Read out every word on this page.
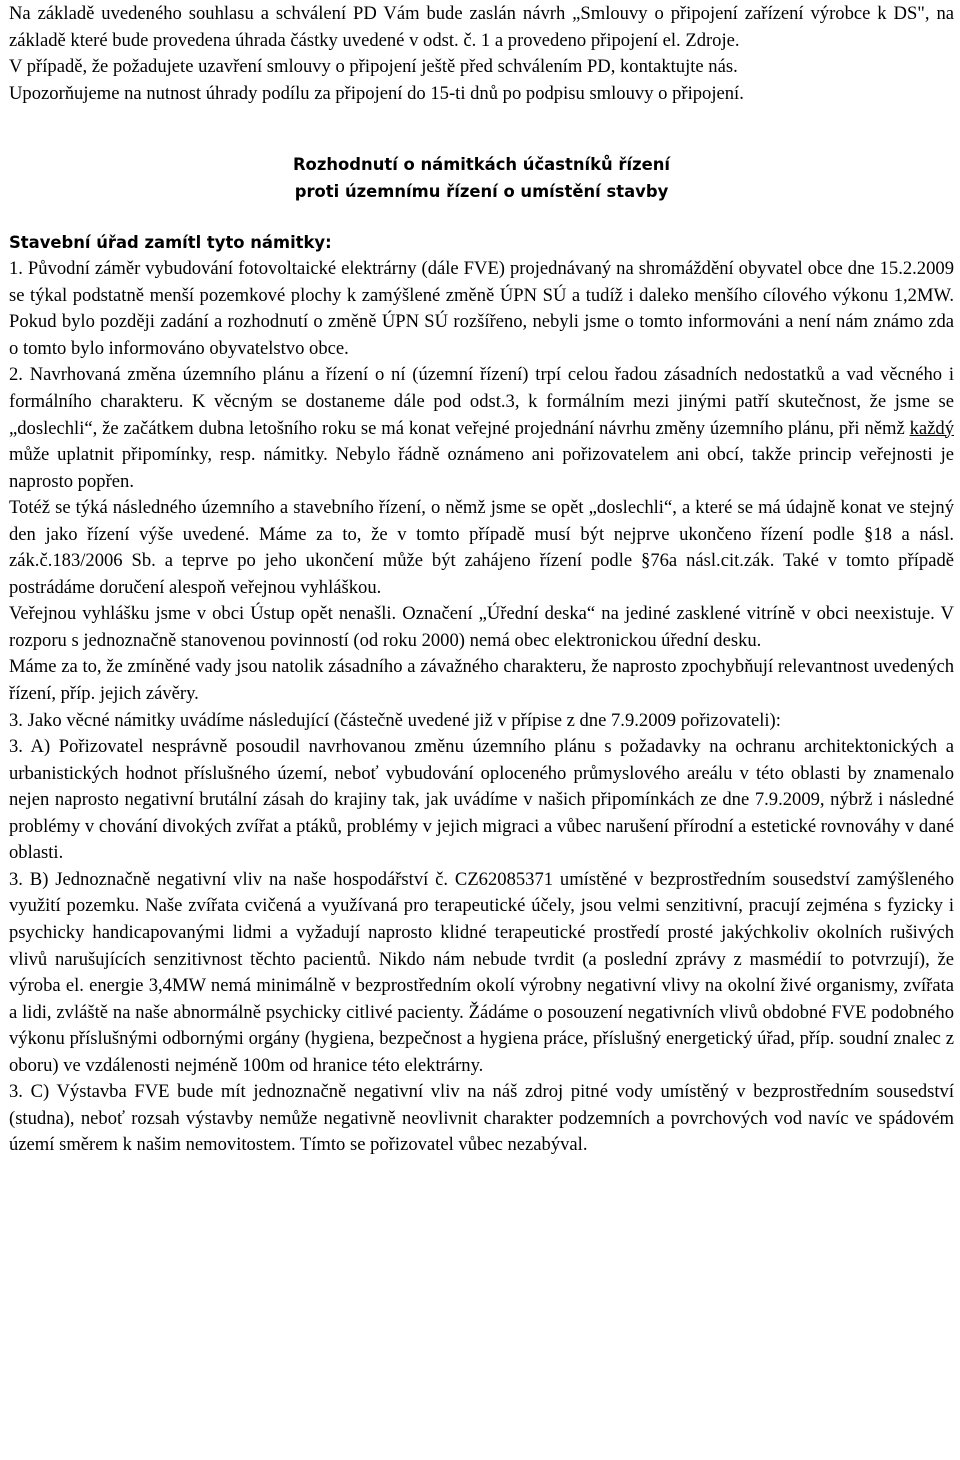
Na základě uvedeného souhlasu a schválení PD Vám bude zaslán návrh „Smlouvy o připojení zařízení výrobce k DS", na základě které bude provedena úhrada částky uvedené v odst. č. 1 a provedeno připojení el. Zdroje.

V případě, že požadujete uzavření smlouvy o připojení ještě před schválením PD, kontaktujte nás.

Upozorňujeme na nutnost úhrady podílu za připojení do 15-ti dnů po podpisu smlouvy o připojení.

Rozhodnutí o námitkách účastníků řízení
proti územnímu řízení o umístění stavby
Stavební úřad zamítl tyto námitky:

1. Původní záměr vybudování fotovoltaické elektrárny (dále FVE) projednávaný na shromáždění obyvatel obce dne 15.2.2009 se týkal podstatně menší pozemkové plochy k zamýšlené změně ÚPN SÚ a tudíž i daleko menšího cílového výkonu 1,2MW. Pokud bylo později zadání a rozhodnutí o změně ÚPN SÚ rozšířeno, nebyli jsme o tomto informováni a není nám známo zda o tomto bylo informováno obyvatelstvo obce.

2. Navrhovaná změna územního plánu a řízení o ní (územní řízení) trpí celou řadou zásadních nedostatků a vad věcného i formálního charakteru. K věcným se dostaneme dále pod odst.3, k formálním mezi jinými patří skutečnost, že jsme se „doslechli“, že začátkem dubna letošního roku se má konat veřejné projednání návrhu změny územního plánu, při němž každý může uplatnit připomínky, resp. námitky. Nebylo řádně oznámeno ani pořizovatelem ani obcí, takže princip veřejnosti je naprosto popřen.

Totéž se týká následného územního a stavebního řízení, o němž jsme se opět „doslechli“, a které se má údajně konat ve stejný den jako řízení výše uvedené. Máme za to, že v tomto případě musí být nejprve ukončeno řízení podle §18 a násl. zák.č.183/2006 Sb. a teprve po jeho ukončení může být zahájeno řízení podle §76a násl.cit.zák. Také v tomto případě postrádáme doručení alespoň veřejnou vyhláškou.

Veřejnou vyhlášku jsme v obci Ústup opět nenašli. Označení „Úřední deska“ na jediné zasklené vitríně v obci neexistuje. V rozporu s jednoznačně stanovenou povinností (od roku 2000) nemá obec elektronickou úřední desku.

Máme za to, že zmíněné vady jsou natolik zásadního a závažného charakteru, že naprosto zpochybňují relevantnost uvedených řízení, příp. jejich závěry.

3. Jako věcné námitky uvádíme následující (částečně uvedené již v přípise z dne 7.9.2009 pořizovateli):

3. A) Pořizovatel nesprávně posoudil navrhovanou změnu územního plánu s požadavky na ochranu architektonických a urbanistických hodnot příslušného území, neboť vybudování oploceného průmyslového areálu v této oblasti by znamenalo nejen naprosto negativní brutální zásah do krajiny tak, jak uvádíme v našich připomínkách ze dne 7.9.2009, nýbrž i následné problémy v chování divokých zvířat a ptáků, problémy v jejich migraci a vůbec narušení přírodní a estetické rovnováhy v dané oblasti.

3. B) Jednoznačně negativní vliv na naše hospodářství č. CZ62085371 umístěné v bezprostředním sousedství zamýšleného využití pozemku. Naše zvířata cvičená a využívaná pro terapeutické účely, jsou velmi senzitivní, pracují zejména s fyzicky i psychicky handicapovanými lidmi a vyžadují naprosto klidné terapeutické prostředí prosté jakýchkoliv okolních rušivých vlivů narušujících senzitivnost těchto pacientů. Nikdo nám nebude tvrdit (a poslední zprávy z masmédií to potvrzují), že výroba el. energie 3,4MW nemá minimálně v bezprostředním okolí výrobny negativní vlivy na okolní živé organismy, zvířata a lidi, zvláště na naše abnormálně psychicky citlivé pacienty. Žádáme o posouzení negativních vlivů obdobné FVE podobného výkonu příslušnými odbornými orgány (hygiena, bezpečnost a hygiena práce, příslušný energetický úřad, příp. soudní znalec z oboru) ve vzdálenosti nejméně 100m od hranice této elektrárny.

3. C) Výstavba FVE bude mít jednoznačně negativní vliv na náš zdroj pitné vody umístěný v bezprostředním sousedství (studna), neboť rozsah výstavby nemůže negativně neovlivnit charakter podzemních a povrchových vod navíc ve spádovém území směrem k našim nemovitostem. Tímto se pořizovatel vůbec nezabýval.
